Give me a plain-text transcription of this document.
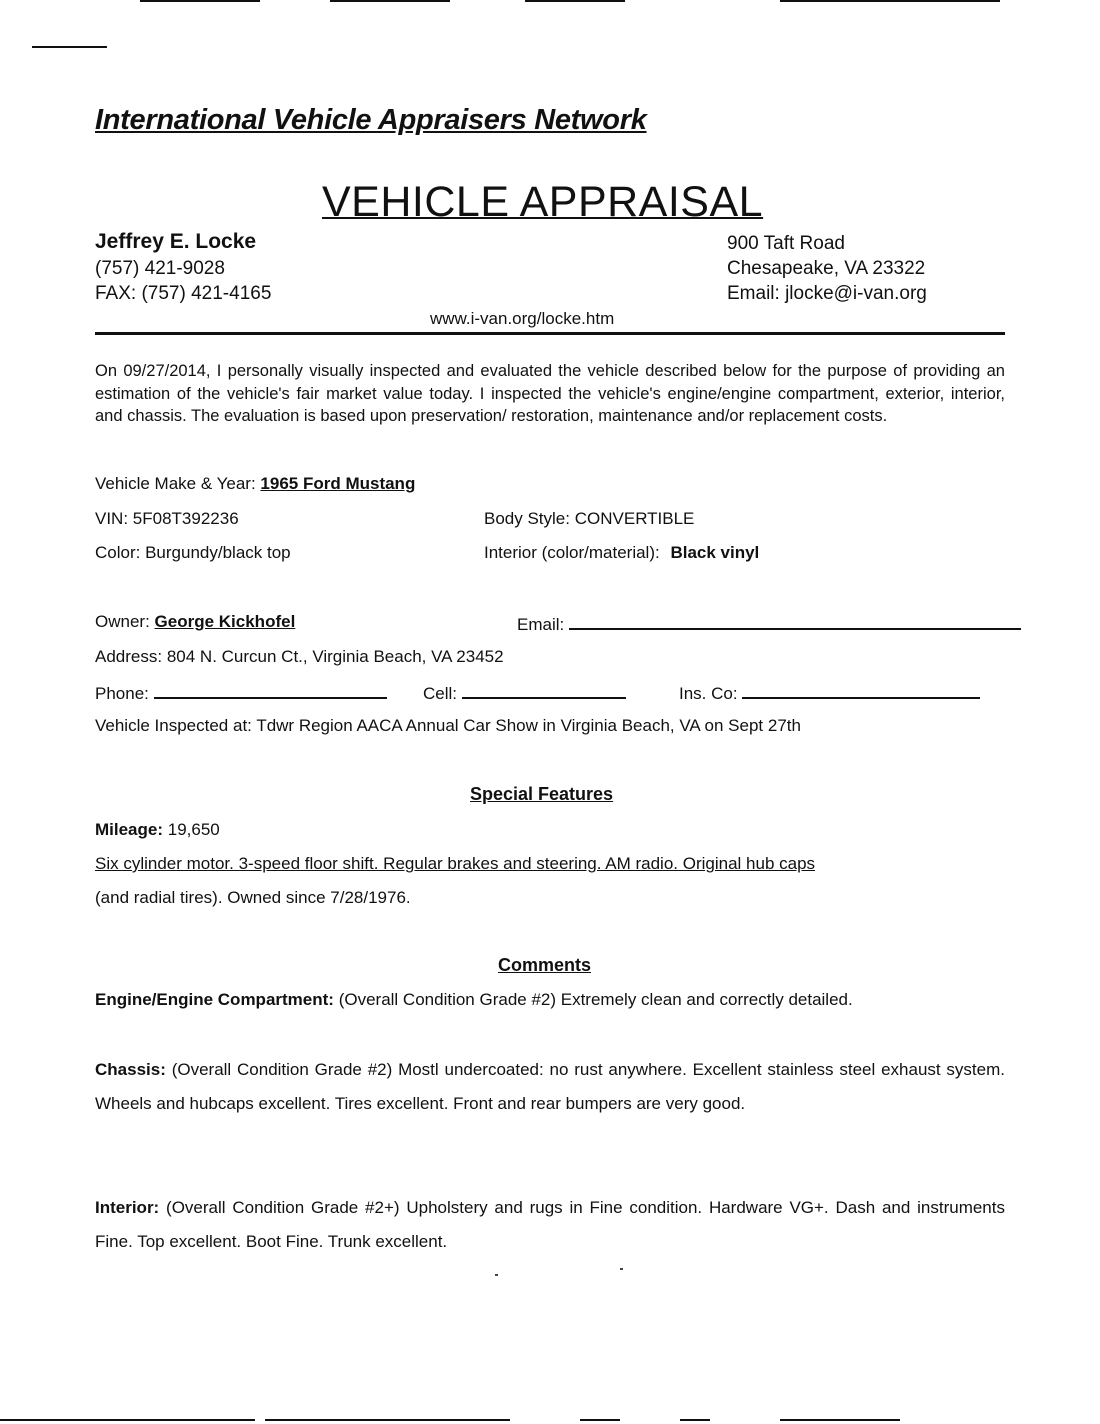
International Vehicle Appraisers Network
VEHICLE APPRAISAL
Jeffrey E. Locke
(757) 421-9028
FAX: (757) 421-4165
900 Taft Road
Chesapeake, VA 23322
Email: jlocke@i-van.org
www.i-van.org/locke.htm
On 09/27/2014, I personally visually inspected and evaluated the vehicle described below for the purpose of providing an estimation of the vehicle's fair market value today. I inspected the vehicle's engine/engine compartment, exterior, interior, and chassis. The evaluation is based upon preservation/ restoration, maintenance and/or replacement costs.
Vehicle Make & Year: 1965 Ford Mustang
VIN: 5F08T392236	Body Style: CONVERTIBLE
Color: Burgundy/black top	Interior (color/material): Black vinyl
Owner: George Kickhofel	Email:
Address: 804 N. Curcun Ct., Virginia Beach, VA 23452
Phone:	Cell:	Ins. Co:
Vehicle Inspected at: Tdwr Region AACA Annual Car Show in Virginia Beach, VA on Sept 27th
Special Features
Mileage: 19,650
Six cylinder motor. 3-speed floor shift. Regular brakes and steering. AM radio. Original hub caps
(and radial tires). Owned since 7/28/1976.
Comments
Engine/Engine Compartment: (Overall Condition Grade #2) Extremely clean and correctly detailed.
Chassis: (Overall Condition Grade #2) Mostl undercoated: no rust anywhere. Excellent stainless steel exhaust system. Wheels and hubcaps excellent. Tires excellent. Front and rear bumpers are very good.
Interior: (Overall Condition Grade #2+) Upholstery and rugs in Fine condition. Hardware VG+. Dash and instruments Fine. Top excellent. Boot Fine. Trunk excellent.
